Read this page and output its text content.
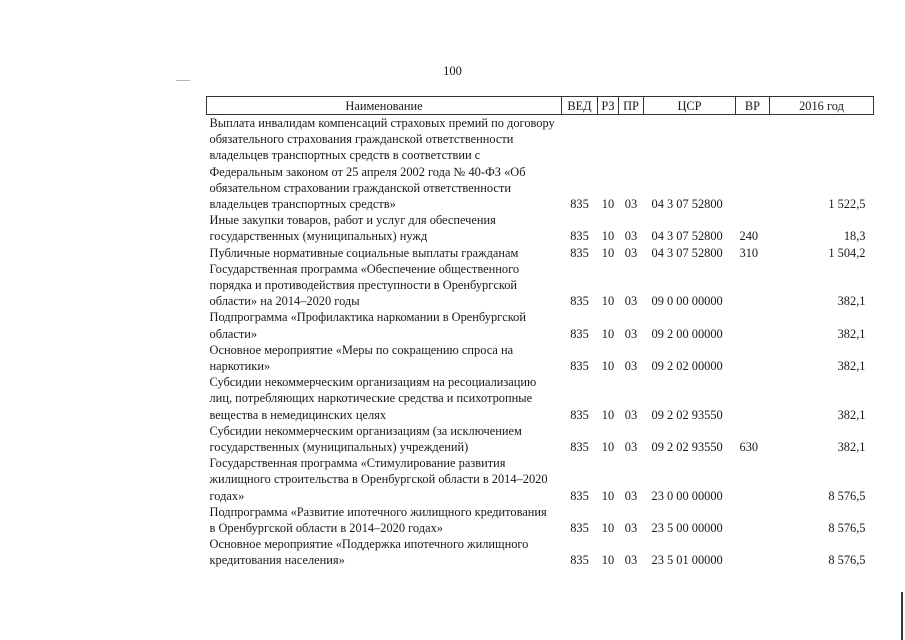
100
Наименование	ВЕД	РЗ	ПР	ЦСР	ВР	2016 год
Выплата инвалидам компенсаций страховых премий по договору обязательного страхования гражданской ответственности владельцев транспортных средств в соответствии с Федеральным законом от 25 апреля 2002 года № 40-ФЗ «Об обязательном страховании гражданской ответственности владельцев транспортных средств»	835	10	03	04 3 07 52800		1 522,5
Иные закупки товаров, работ и услуг для обеспечения государственных (муниципальных) нужд	835	10	03	04 3 07 52800	240	18,3
Публичные нормативные социальные выплаты гражданам	835	10	03	04 3 07 52800	310	1 504,2
Государственная программа «Обеспечение общественного порядка и противодействия преступности в Оренбургской области» на 2014–2020 годы	835	10	03	09 0 00 00000		382,1
Подпрограмма «Профилактика наркомании в Оренбургской области»	835	10	03	09 2 00 00000		382,1
Основное мероприятие «Меры по сокращению спроса на наркотики»	835	10	03	09 2 02 00000		382,1
Субсидии некоммерческим организациям на ресоциализацию лиц, потребляющих наркотические средства и психотропные вещества в немедицинских целях	835	10	03	09 2 02 93550		382,1
Субсидии некоммерческим организациям (за исключением государственных (муниципальных) учреждений)	835	10	03	09 2 02 93550	630	382,1
Государственная программа «Стимулирование развития жилищного строительства в Оренбургской области в 2014–2020 годах»	835	10	03	23 0 00 00000		8 576,5
Подпрограмма «Развитие ипотечного жилищного кредитования в Оренбургской области в 2014–2020 годах»	835	10	03	23 5 00 00000		8 576,5
Основное мероприятие «Поддержка ипотечного жилищного кредитования населения»	835	10	03	23 5 01 00000		8 576,5
